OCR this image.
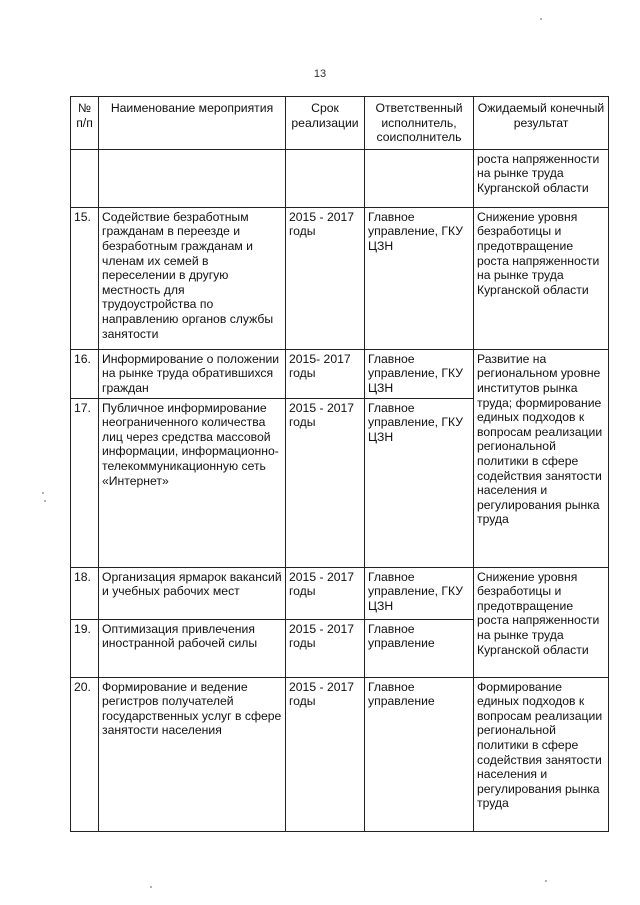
13
№ п/п	Наименование мероприятия	Срок реализации	Ответственный исполнитель, соисполнитель	Ожидаемый конечный результат
				роста напряженности на рынке труда Курганской области
15.	Содействие безработным гражданам в переезде и безработным гражданам и членам их семей в переселении в другую местность для трудоустройства по направлению органов службы занятости	2015 - 2017 годы	Главное управление, ГКУ ЦЗН	Снижение уровня безработицы и предотвращение роста напряженности на рынке труда Курганской области
16.	Информирование о положении на рынке труда обратившихся граждан	2015- 2017 годы	Главное управление, ГКУ ЦЗН	Развитие на региональном уровне институтов рынка труда; формирование единых подходов к вопросам реализации региональной политики в сфере содействия занятости населения и регулирования рынка труда
17.	Публичное информирование неограниченного количества лиц через средства массовой информации, информационно-телекоммуникационную сеть «Интернет»	2015 - 2017 годы	Главное управление, ГКУ ЦЗН	
18.	Организация ярмарок вакансий и учебных рабочих мест	2015 - 2017 годы	Главное управление, ГКУ ЦЗН	Снижение уровня безработицы и предотвращение роста напряженности на рынке труда Курганской области
19.	Оптимизация привлечения иностранной рабочей силы	2015 - 2017 годы	Главное управление	
20.	Формирование и ведение регистров получателей государственных услуг в сфере занятости населения	2015 - 2017 годы	Главное управление	Формирование единых подходов к вопросам реализации региональной политики в сфере содействия занятости населения и регулирования рынка труда
